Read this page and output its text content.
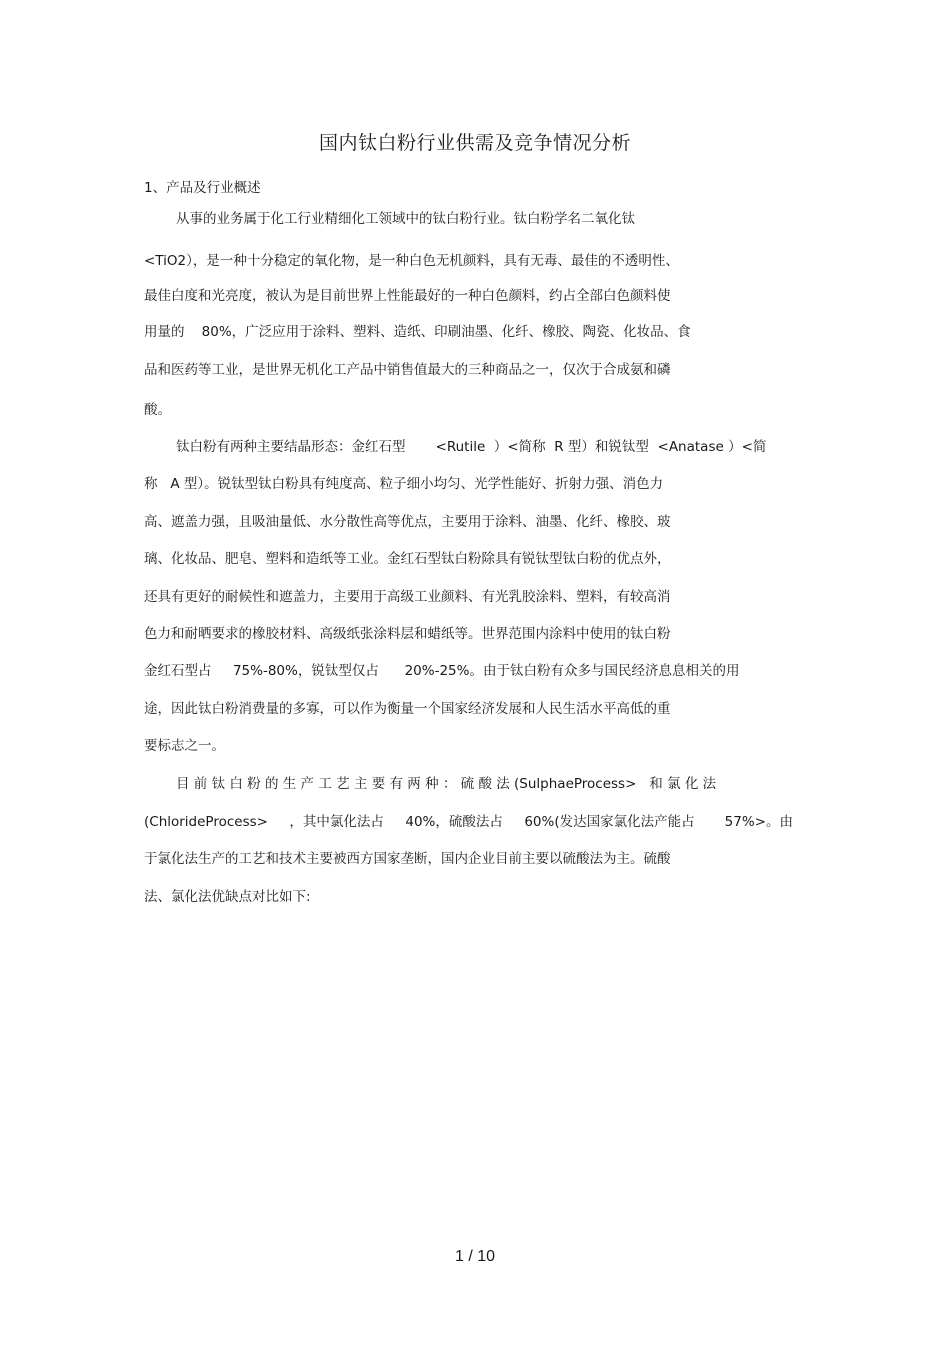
国内钛白粉行业供需及竞争情况分析
1、产品及行业概述
从事的业务属于化工行业精细化工领域中的钛白粉行业。钛白粉学名二氧化钛
<TiO2），是一种十分稳定的氧化物，是一种白色无机颜料，具有无毒、最佳的不透明性、
最佳白度和光亮度，被认为是目前世界上性能最好的一种白色颜料，约占全部白色颜料使
用量的    80%，广泛应用于涂料、塑料、造纸、印刷油墨、化纤、橡胶、陶瓷、化妆品、食
品和医药等工业，是世界无机化工产品中销售值最大的三种商品之一，仅次于合成氨和磷
酸。
钛白粉有两种主要结晶形态：金红石型       <Rutile  ）<简称  R 型）和锐钛型  <Anatase ）<简
称   A 型）。锐钛型钛白粉具有纯度高、粒子细小均匀、光学性能好、折射力强、消色力
高、遮盖力强，且吸油量低、水分散性高等优点，主要用于涂料、油墨、化纤、橡胶、玻
璃、化妆品、肥皂、塑料和造纸等工业。金红石型钛白粉除具有锐钛型钛白粉的优点外，
还具有更好的耐候性和遮盖力，主要用于高级工业颜料、有光乳胶涂料、塑料，有较高消
色力和耐晒要求的橡胶材料、高级纸张涂料层和蜡纸等。世界范围内涂料中使用的钛白粉
金红石型占     75%-80%，锐钛型仅占      20%-25%。由于钛白粉有众多与国民经济息息相关的用
途，因此钛白粉消费量的多寡，可以作为衡量一个国家经济发展和人民生活水平高低的重
要标志之一。
目 前 钛 白 粉 的 生 产 工 艺 主 要 有 两 种 ： 硫 酸 法 (SulphaeProcess>   和 氯 化 法
(ChlorideProcess>     ，其中氯化法占     40%，硫酸法占     60%(发达国家氯化法产能占       57%>。由
于氯化法生产的工艺和技术主要被西方国家垄断，国内企业目前主要以硫酸法为主。硫酸
法、氯化法优缺点对比如下:
1 / 10
